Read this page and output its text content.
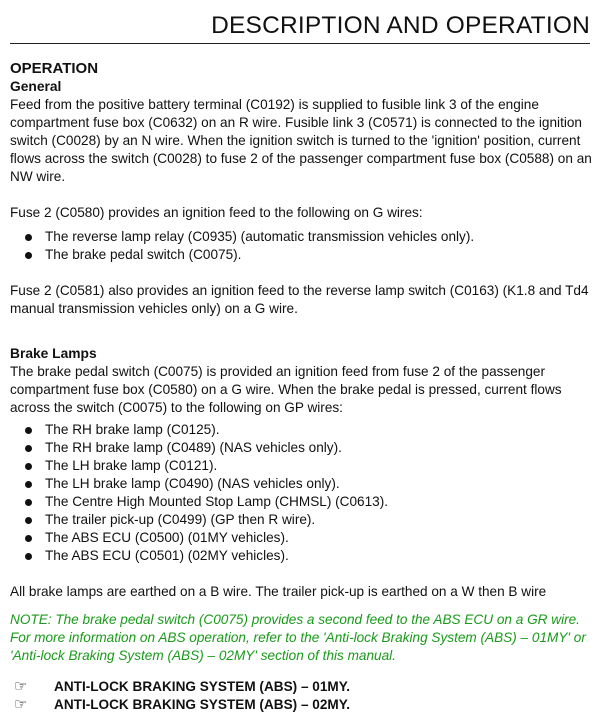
DESCRIPTION AND OPERATION
OPERATION
General

Feed from the positive battery terminal (C0192) is supplied to fusible link 3 of the engine compartment fuse box (C0632) on an R wire. Fusible link 3 (C0571) is connected to the ignition switch (C0028) by an N wire. When the ignition switch is turned to the 'ignition' position, current flows across the switch (C0028) to fuse 2 of the passenger compartment fuse box (C0588) on an NW wire.

Fuse 2 (C0580) provides an ignition feed to the following on G wires:

The reverse lamp relay (C0935) (automatic transmission vehicles only).
The brake pedal switch (C0075).

Fuse 2 (C0581) also provides an ignition feed to the reverse lamp switch (C0163) (K1.8 and Td4 manual transmission vehicles only) on a G wire.

Brake Lamps

The brake pedal switch (C0075) is provided an ignition feed from fuse 2 of the passenger compartment fuse box (C0580) on a G wire. When the brake pedal is pressed, current flows across the switch (C0075) to the following on GP wires:

The RH brake lamp (C0125).
The RH brake lamp (C0489) (NAS vehicles only).
The LH brake lamp (C0121).
The LH brake lamp (C0490) (NAS vehicles only).
The Centre High Mounted Stop Lamp (CHMSL) (C0613).
The trailer pick-up (C0499) (GP then R wire).
The ABS ECU (C0500) (01MY vehicles).
The ABS ECU (C0501) (02MY vehicles).

All brake lamps are earthed on a B wire. The trailer pick-up is earthed on a W then B wire

NOTE: The brake pedal switch (C0075) provides a second feed to the ABS ECU on a GR wire. For more information on ABS operation, refer to the 'Anti-lock Braking System (ABS) – 01MY' or 'Anti-lock Braking System (ABS) – 02MY' section of this manual.

☞ ANTI-LOCK BRAKING SYSTEM (ABS) – 01MY.
☞ ANTI-LOCK BRAKING SYSTEM (ABS) – 02MY.
